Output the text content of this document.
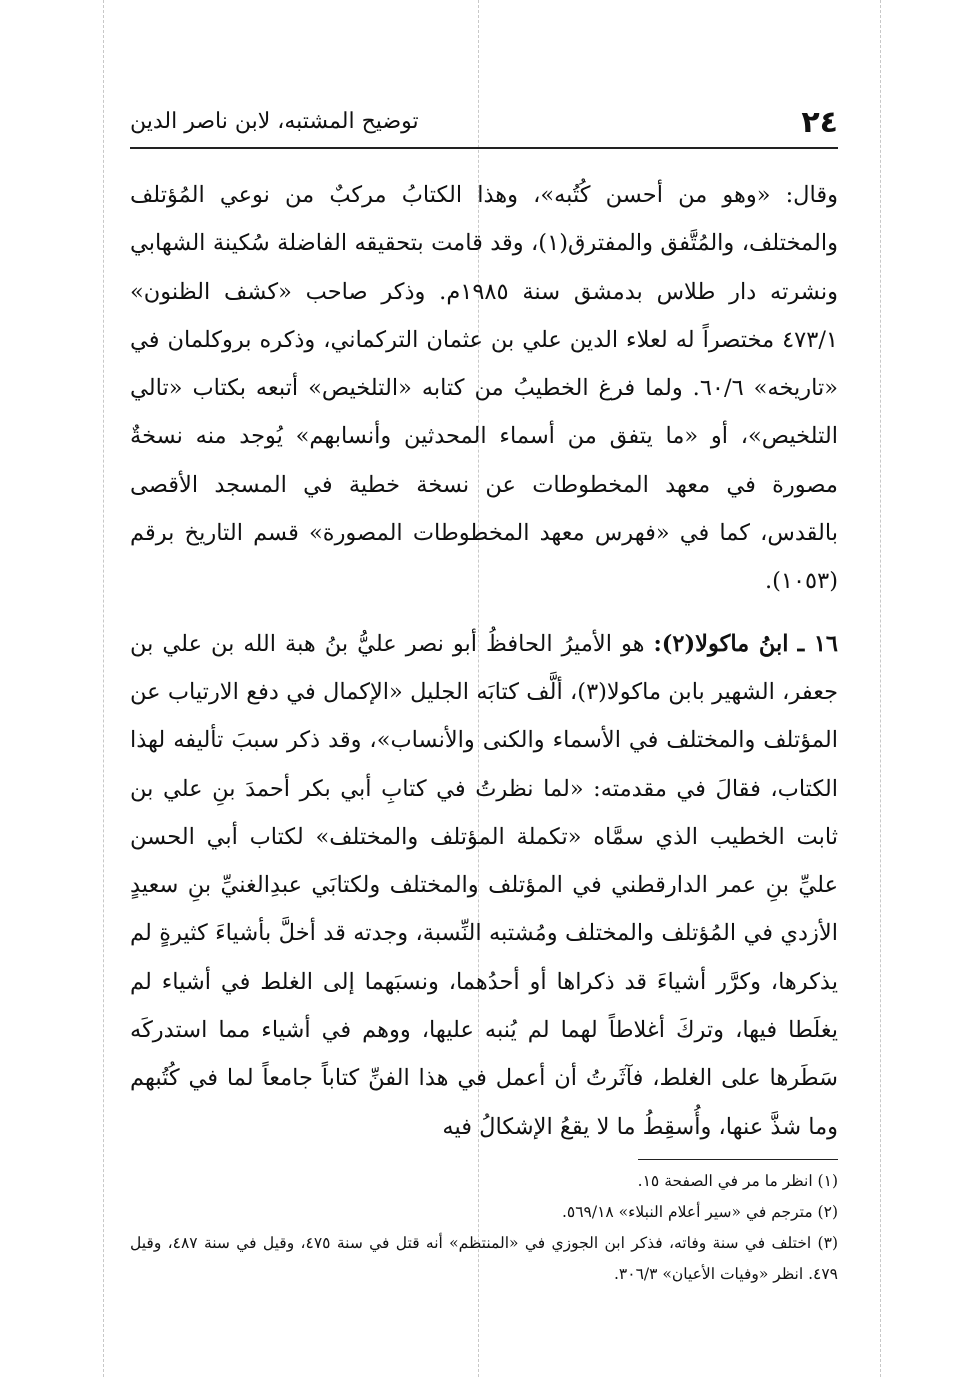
٢٤
توضيح المشتبه، لابن ناصر الدين

وقال: «وهو من أحسن كُتُبه»، وهذا الكتابُ مركبٌ من نوعي المُؤتلف والمختلف، والمُتَّفق والمفترق(١)، وقد قامت بتحقيقه الفاضلة سُكينة الشهابي ونشرته دار طلاس بدمشق سنة ١٩٨٥م. وذكر صاحب «كشف الظنون» ٤٧٣/١ مختصراً له لعلاء الدين علي بن عثمان التركماني، وذكره بروكلمان في «تاريخه» ٦٠/٦. ولما فرغ الخطيبُ من كتابه «التلخيص» أتبعه بكتاب «تالي التلخيص»، أو «ما يتفق من أسماء المحدثين وأنسابهم» يُوجد منه نسخةٌ مصورة في معهد المخطوطات عن نسخة خطية في المسجد الأقصى بالقدس، كما في «فهرس معهد المخطوطات المصورة» قسم التاريخ برقم (١٠٥٣).

١٦ ـ ابنُ ماكولا(٢): هو الأميرُ الحافظُ أبو نصر عليُّ بنُ هبة الله بن علي بن جعفر، الشهير بابن ماكولا(٣)، ألَّف كتابَه الجليل «الإكمال في دفع الارتياب عن المؤتلف والمختلف في الأسماء والكنى والأنساب»، وقد ذكر سببَ تأليفه لهذا الكتاب، فقالَ في مقدمته: «لما نظرتُ في كتابِ أبي بكر أحمدَ بنِ علي بن ثابت الخطيب الذي سمَّاه «تكملة المؤتلف والمختلف» لكتاب أبي الحسن عليِّ بنِ عمر الدارقطني في المؤتلف والمختلف ولكتابَي عبدِالغنيِّ بنِ سعيدٍ الأزدي في المُؤتلف والمختلف ومُشتبه النِّسبة، وجدته قد أخلَّ بأشياءَ كثيرةٍ لم يذكرها، وكرَّر أشياءَ قد ذكراها أو أحدُهما، ونسبَهما إلى الغلط في أشياء لم يغلَطا فيها، وتركَ أغلاطاً لهما لم يُنبه عليها، ووهم في أشياء مما استدركَه سَطَرها على الغلط، فآثَرتُ أن أعمل في هذا الفنِّ كتاباً جامعاً لما في كُتُبهم وما شذَّ عنها، وأُسقِطُ ما لا يقعُ الإشكالُ فيه

(١) انظر ما مر في الصفحة ١٥.

(٢) مترجم في «سير أعلام النبلاء» ٥٦٩/١٨.

(٣) اختلف في سنة وفاته، فذكر ابن الجوزي في «المنتظم» أنه قتل في سنة ٤٧٥، وقيل في سنة ٤٨٧، وقيل ٤٧٩. انظر «وفيات الأعيان» ٣٠٦/٣.
